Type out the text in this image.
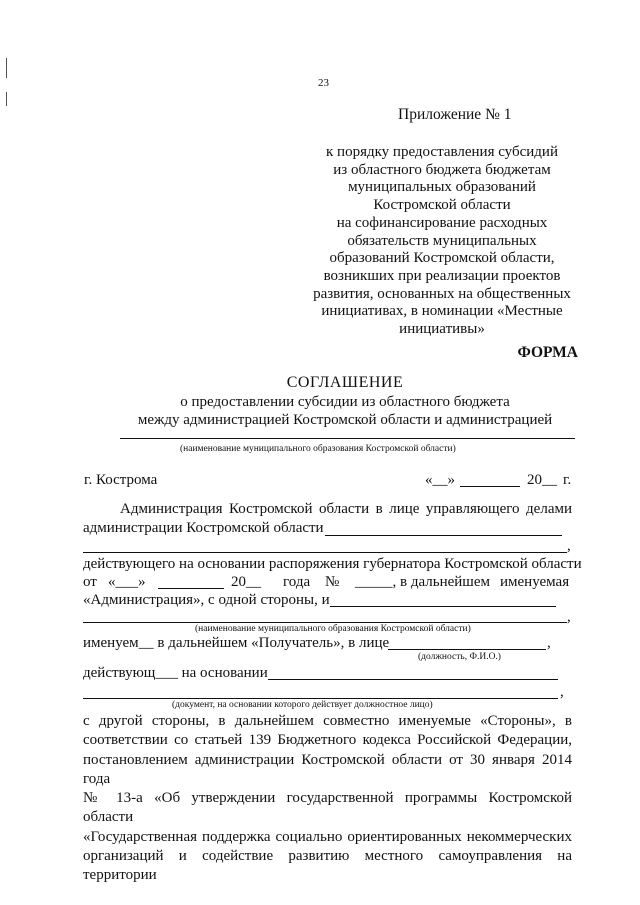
23
Приложение № 1
к порядку предоставления субсидий
из областного бюджета бюджетам
муниципальных образований
Костромской области
на софинансирование расходных
обязательств муниципальных
образований Костромской области,
возникших при реализации проектов
развития, основанных на общественных
инициативах, в номинации «Местные
инициативы»
ФОРМА
СОГЛАШЕНИЕ
о предоставлении субсидии из областного бюджета
между администрацией Костромской области и администрацией
(наименование муниципального образования Костромской области)
г. Кострома	«__»	20__ г.
Администрация Костромской области в лице управляющего делами
администрации Костромской области
,
действующего на основании распоряжения губернатора Костромской области
от «___»	20__ года № _____, в дальнейшем именуемая
«Администрация», с одной стороны, и
,
(наименование муниципального образования Костромской области)
именуем__ в дальнейшем «Получатель», в лице	,
(должность, Ф.И.О.)
действующ___ на основании
,
(документ, на основании которого действует должностное лицо)
с другой стороны, в дальнейшем совместно именуемые «Стороны», в
соответствии со статьей 139 Бюджетного кодекса Российской Федерации,
постановлением администрации Костромской области от 30 января 2014 года
№ 13-а «Об утверждении государственной программы Костромской области
«Государственная поддержка социально ориентированных некоммерческих
организаций и содействие развитию местного самоуправления на территории
